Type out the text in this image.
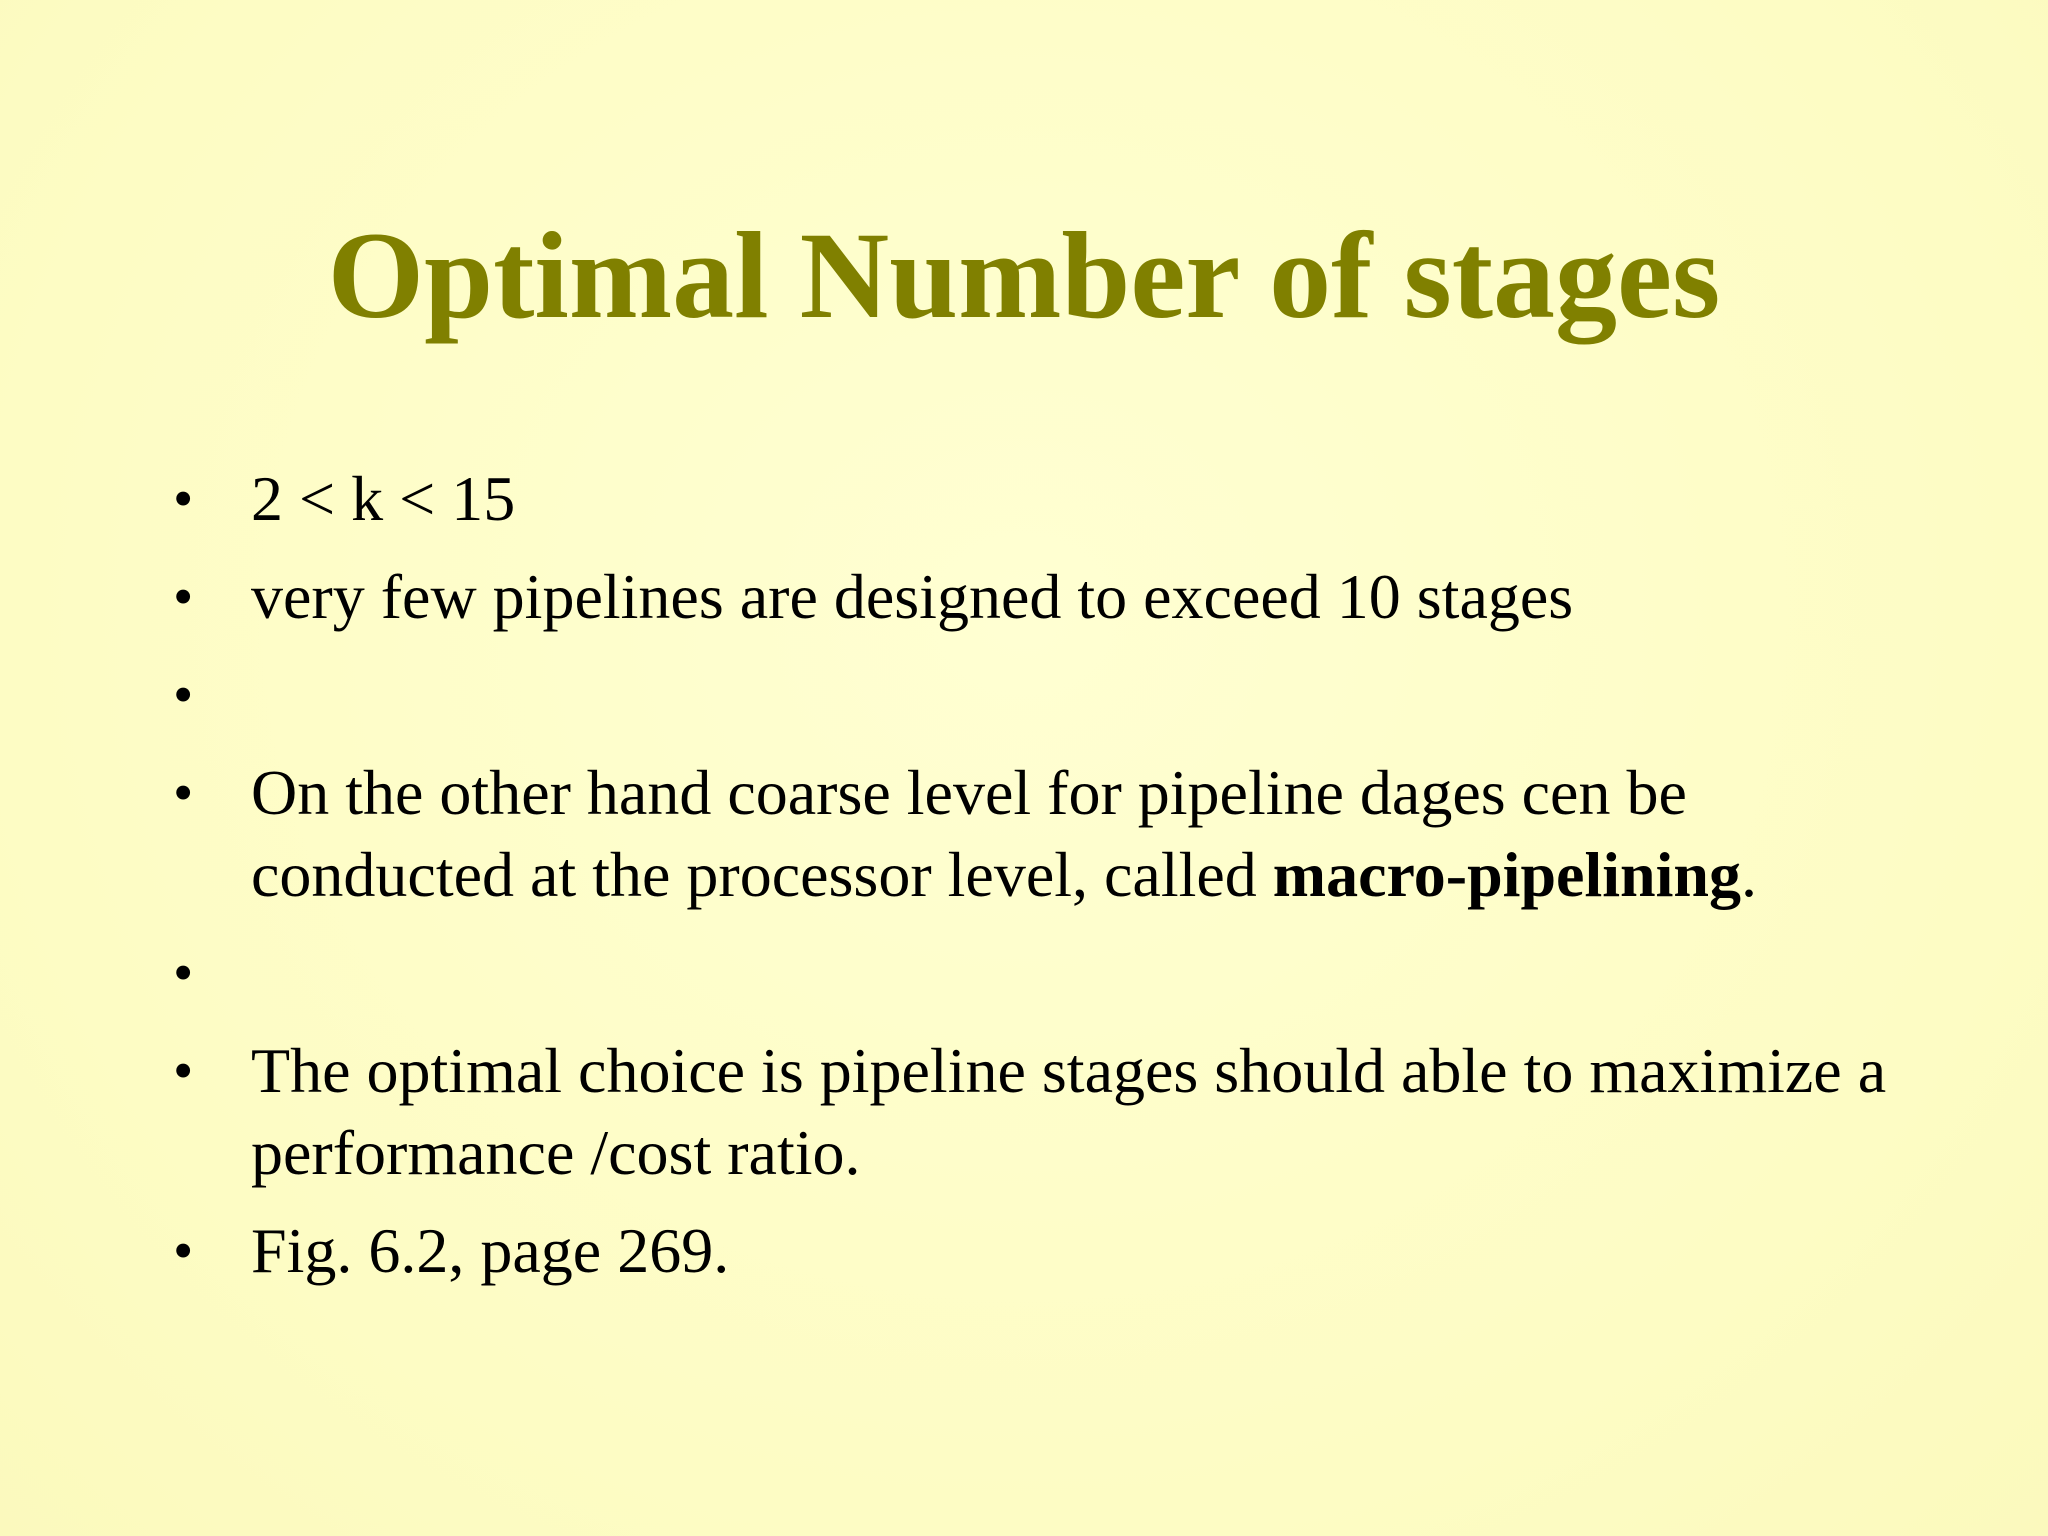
Optimal Number of stages
• 2 < k < 15
• very few pipelines are designed to exceed 10 stages
•

• On the other hand coarse level for pipeline dages cen be conducted at the processor level, called macro-pipelining.
•

• The optimal choice is pipeline stages should able to maximize a performance /cost ratio.
• Fig. 6.2, page 269.
